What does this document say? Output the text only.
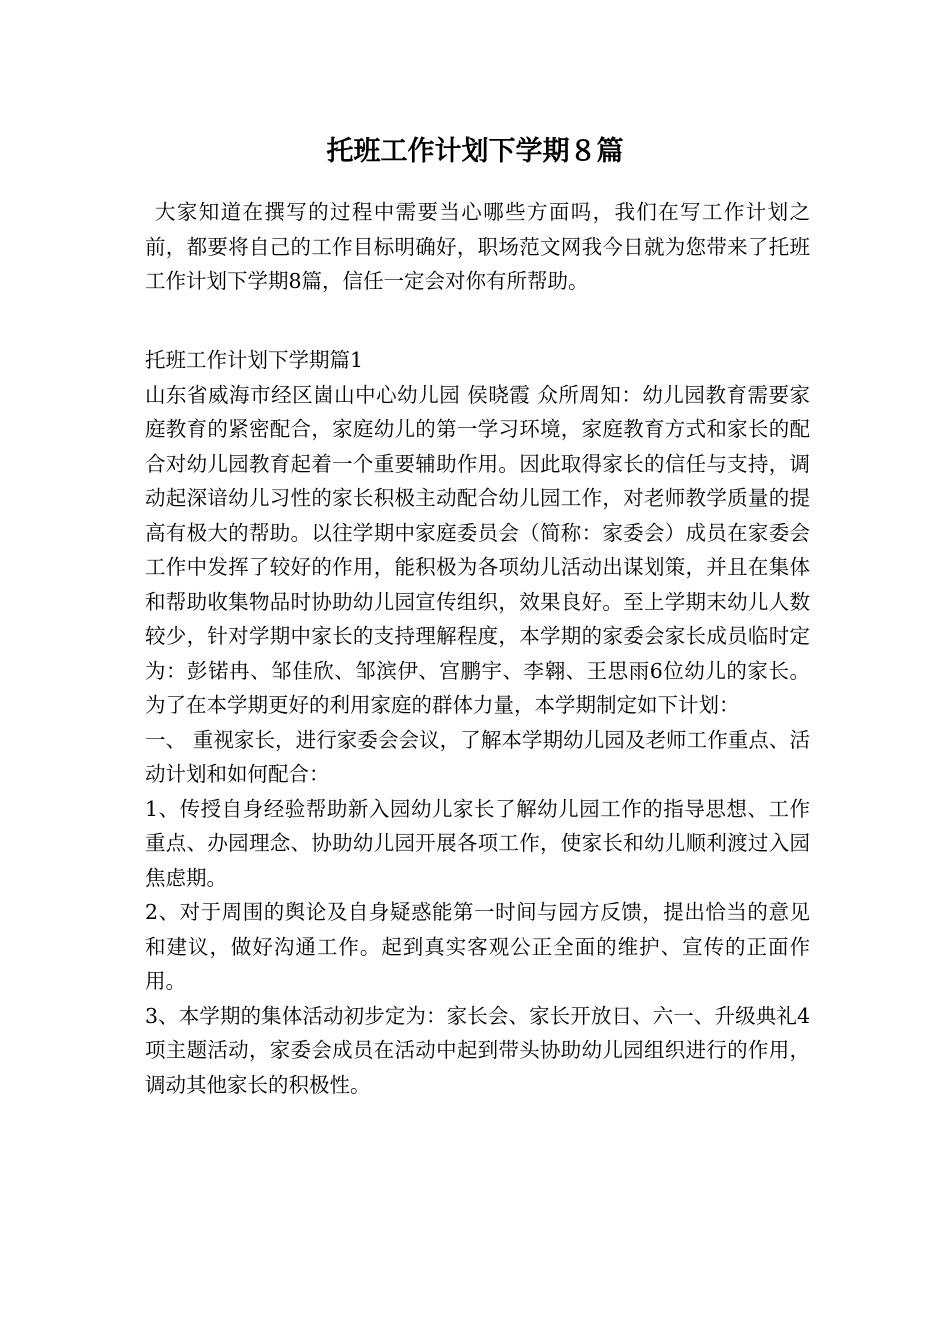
托班工作计划下学期８篇

大家知道在撰写的过程中需要当心哪些方面吗，我们在写工作计划之前，都要将自己的工作目标明确好，职场范文网我今日就为您带来了托班工作计划下学期8篇，信任一定会对你有所帮助。

托班工作计划下学期篇1

山东省威海市经区崮山中心幼儿园 侯晓霞 众所周知：幼儿园教育需要家庭教育的紧密配合，家庭幼儿的第一学习环境，家庭教育方式和家长的配合对幼儿园教育起着一个重要辅助作用。因此取得家长的信任与支持，调动起深谙幼儿习性的家长积极主动配合幼儿园工作，对老师教学质量的提高有极大的帮助。以往学期中家庭委员会（简称：家委会）成员在家委会工作中发挥了较好的作用，能积极为各项幼儿活动出谋划策，并且在集体和帮助收集物品时协助幼儿园宣传组织，效果良好。至上学期末幼儿人数较少，针对学期中家长的支持理解程度，本学期的家委会家长成员临时定为：彭锘冉、邹佳欣、邹滨伊、宫鹏宇、李翱、王思雨6位幼儿的家长。为了在本学期更好的利用家庭的群体力量，本学期制定如下计划：

一、 重视家长，进行家委会会议，了解本学期幼儿园及老师工作重点、活动计划和如何配合：

1、传授自身经验帮助新入园幼儿家长了解幼儿园工作的指导思想、工作重点、办园理念、协助幼儿园开展各项工作，使家长和幼儿顺利渡过入园焦虑期。

2、对于周围的舆论及自身疑惑能第一时间与园方反馈，提出恰当的意见和建议，做好沟通工作。起到真实客观公正全面的维护、宣传的正面作用。

3、本学期的集体活动初步定为：家长会、家长开放日、六一、升级典礼4项主题活动，家委会成员在活动中起到带头协助幼儿园组织进行的作用，调动其他家长的积极性。
